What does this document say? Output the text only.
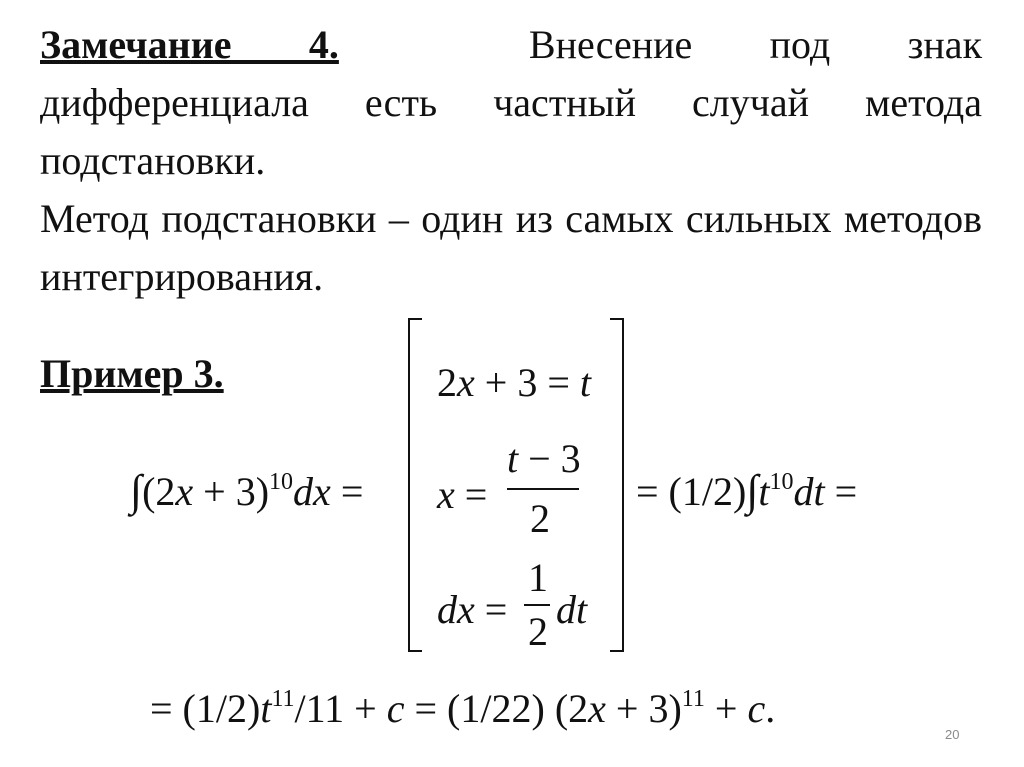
Замечание 4.	Внесение под знак дифференциала есть частный случай метода подстановки.
Метод подстановки – один из самых сильных методов интегрирования.
Пример 3.
$\int(2x + 3)^{10}dx$ =
2x + 3 = t
x =
t − 3
2
dx =
1
2 dt
= $(1/2)\int t^{10}dt$ =
= $(1/2)t^{11}/11 + c = (1/22) (2x + 3)^{11} + c$.
20
